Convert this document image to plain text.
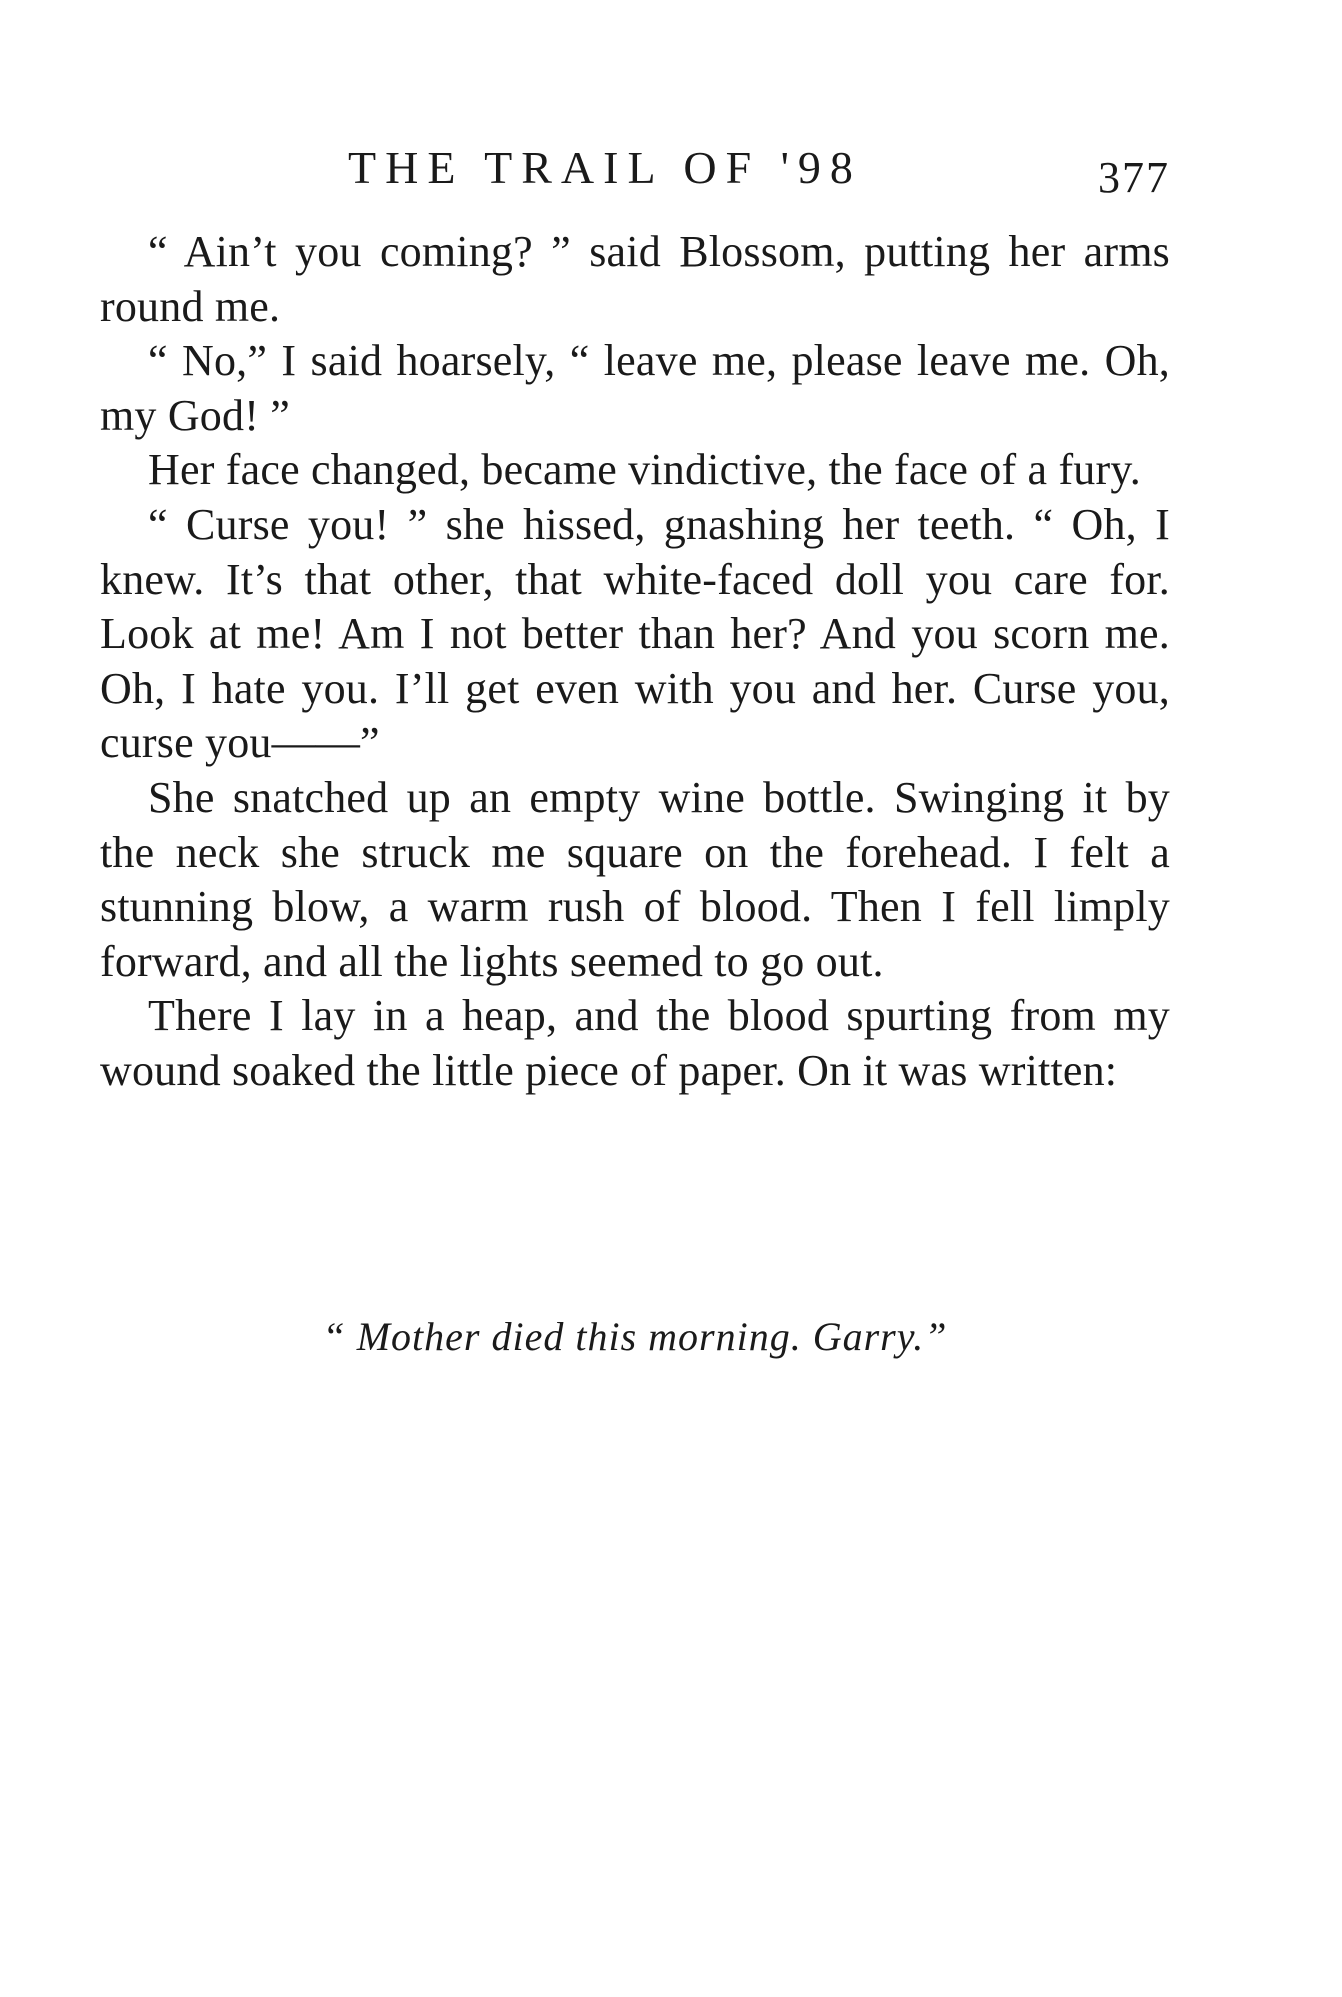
THE TRAIL OF '98	377

“ Ain’t you coming? ” said Blossom, putting her arms round me.

“ No,” I said hoarsely, “ leave me, please leave me. Oh, my God! ”

Her face changed, became vindictive, the face of a fury.

“ Curse you! ” she hissed, gnashing her teeth. “ Oh, I knew. It’s that other, that white-faced doll you care for. Look at me! Am I not better than her? And you scorn me. Oh, I hate you. I’ll get even with you and her. Curse you, curse you——”

She snatched up an empty wine bottle. Swinging it by the neck she struck me square on the forehead. I felt a stunning blow, a warm rush of blood. Then I fell limply forward, and all the lights seemed to go out.

There I lay in a heap, and the blood spurting from my wound soaked the little piece of paper. On it was written:

“ Mother died this morning. Garry.”
